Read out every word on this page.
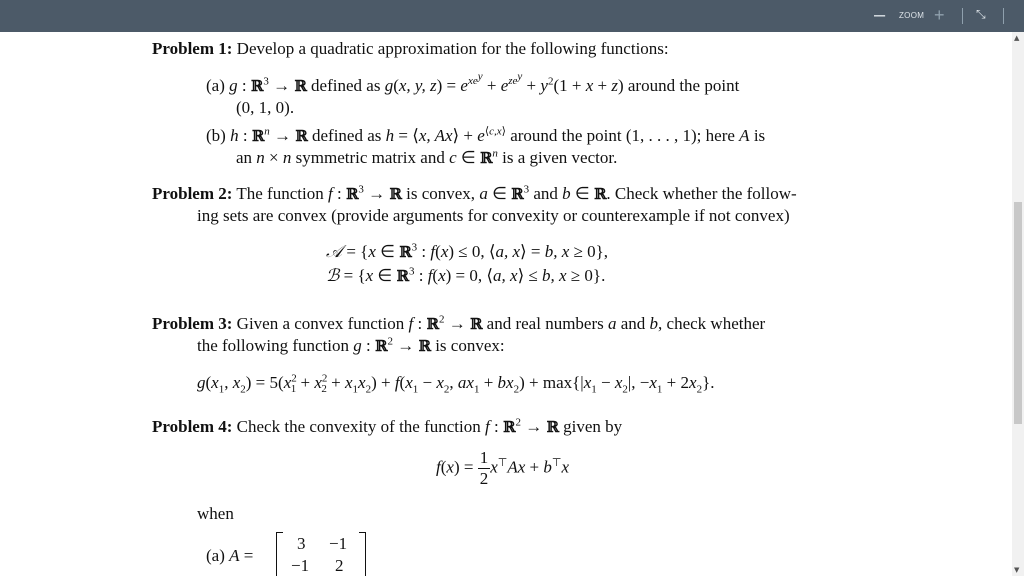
– ZOOM +	⤡
Problem 1: Develop a quadratic approximation for the following functions:
(a) g : ℝ$^3$ → ℝ defined as g(x, y, $z) = e^{xe^y} + e^{ze^y} + y^2(1 + x + z)$ around the point
(0, 1, 0).
(b) h : ℝ$^n$ → ℝ defined as h = ⟨x, Ax⟩ + $e^{⟨c,x⟩}$ around the point (1, . . . , 1); here A is
an n × n symmetric matrix and c ∈ ℝ$^n$ is a given vector.
Problem 2: The function f : ℝ$^3$ → ℝ is convex, a ∈ ℝ$^3$ and b ∈ ℝ. Check whether the follow-
ing sets are convex (provide arguments for convexity or counterexample if not convex)
𝒜 = {x ∈ ℝ$^3$ : f(x) ≤ 0, ⟨a, x⟩ = b, x ≥ 0},
ℬ = {x ∈ ℝ$^3$ : f(x) = 0, ⟨a, x⟩ ≤ b, x ≥ 0}.
Problem 3: Given a convex function f : ℝ$^2$ → ℝ and real numbers a and b, check whether
the following function g : ℝ$^2$ → ℝ is convex:
$g(x_1$, $x_2) = 5(x^2_1 + x^2_2 + x_1x_2) + f(x_1 - x_2$, $ax_1 + bx_2) + \max\{|x_1 - x_2|$, $-x_1 + 2x_2$}.
Problem 4: Check the convexity of the function f : ℝ$^2$ → ℝ given by
$f(x) = \frac{1}{2} x^⊤Ax + b^⊤x$
when
(a) A =
3 −1
−1 2
▲
▼
